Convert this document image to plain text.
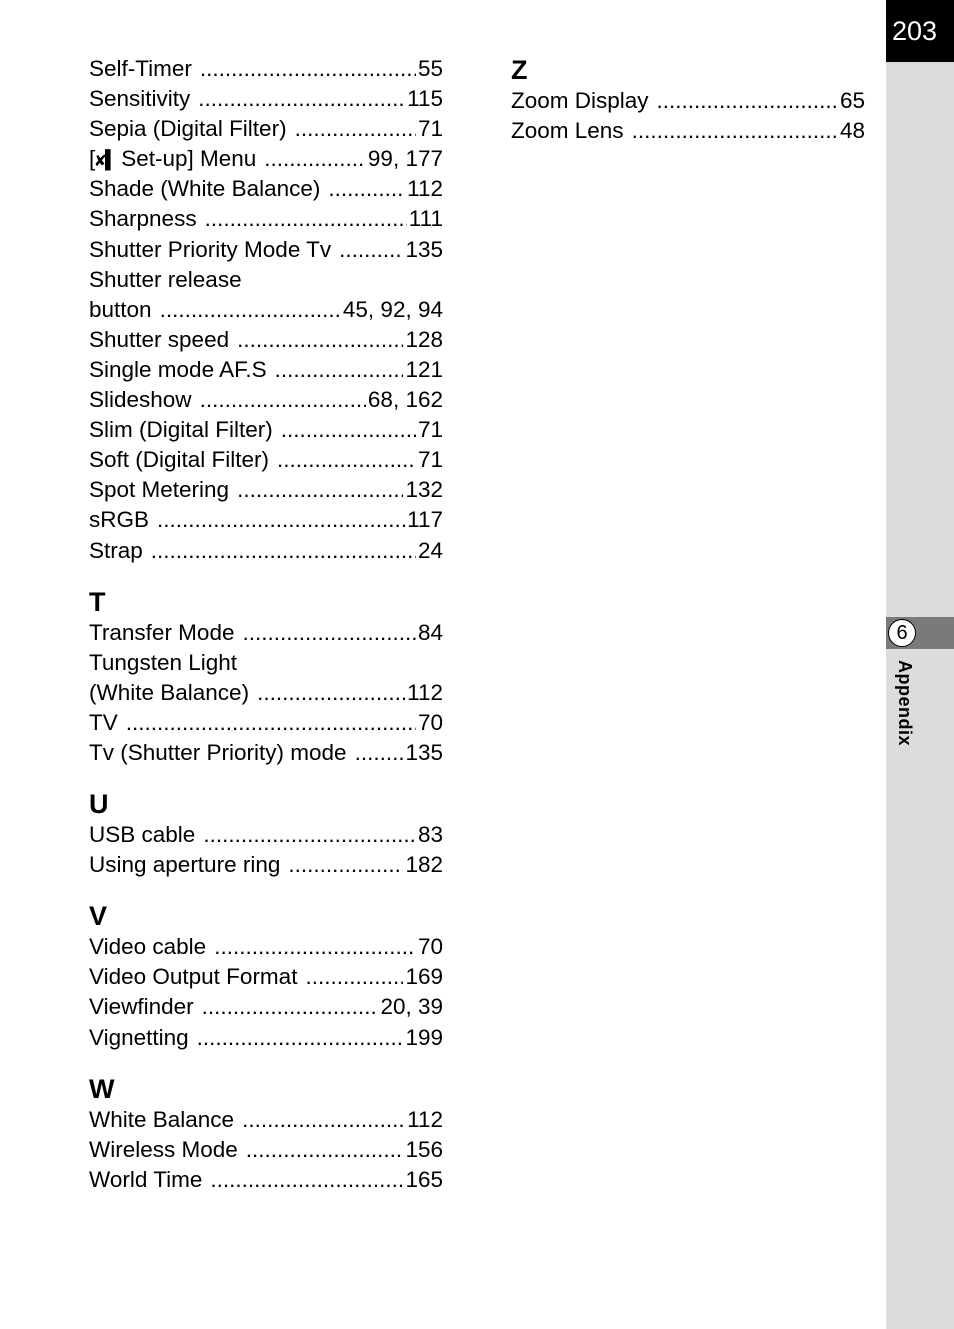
203
6
Appendix
Self-Timer .....	55
Sensitivity .....	115
Sepia (Digital Filter) .....	71
[✘▌ Set-up] Menu .....	99, 177
Shade (White Balance) .....	112
Sharpness .....	111
Shutter Priority Mode Tv .....	135
Shutter release
button .....	45, 92, 94
Shutter speed .....	128
Single mode AF.S .....	121
Slideshow .....	68, 162
Slim (Digital Filter) .....	71
Soft (Digital Filter) .....	71
Spot Metering .....	132
sRGB .....	117
Strap .....	24
T
Transfer Mode .....	84
Tungsten Light
(White Balance) .....	112
TV .....	70
Tv (Shutter Priority) mode .....	135
U
USB cable .....	83
Using aperture ring .....	182
V
Video cable .....	70
Video Output Format .....	169
Viewfinder .....	20, 39
Vignetting .....	199
W
White Balance .....	112
Wireless Mode .....	156
World Time .....	165
Z
Zoom Display .....	65
Zoom Lens .....	48
